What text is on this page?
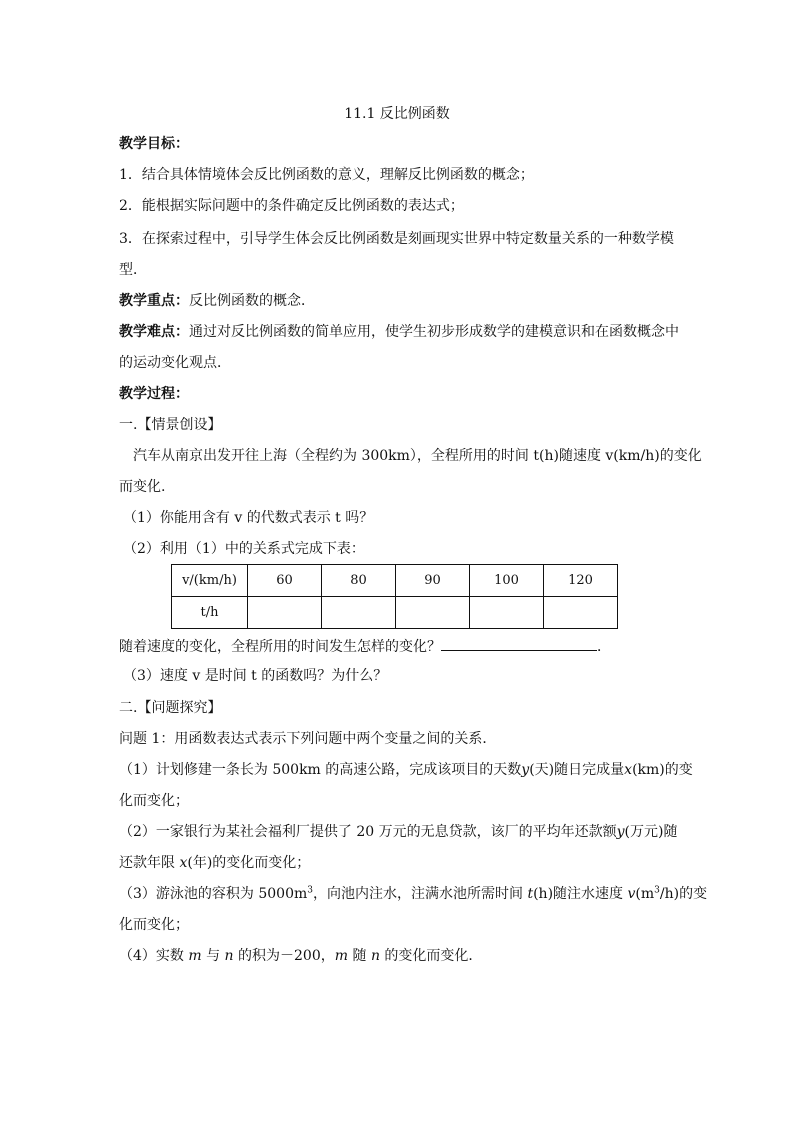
11.1 反比例函数
教学目标：
1．结合具体情境体会反比例函数的意义，理解反比例函数的概念；
2．能根据实际问题中的条件确定反比例函数的表达式；
3．在探索过程中，引导学生体会反比例函数是刻画现实世界中特定数量关系的一种数学模
型．
教学重点：反比例函数的概念．
教学难点：通过对反比例函数的简单应用，使学生初步形成数学的建模意识和在函数概念中
的运动变化观点．
教学过程：
一.【情景创设】
汽车从南京出发开往上海（全程约为 300km），全程所用的时间 t(h)随速度 v(km/h)的变化
而变化.
（1）你能用含有 v 的代数式表示 t 吗？
（2）利用（1）中的关系式完成下表：
v/(km/h)	60	80	90	100	120
t/h					
随着速度的变化，全程所用的时间发生怎样的变化？	．
（3）速度 v 是时间 t 的函数吗？为什么？
二.【问题探究】
问题 1：用函数表达式表示下列问题中两个变量之间的关系．
（1）计划修建一条长为 500km 的高速公路，完成该项目的天数y(天)随日完成量x(km)的变
化而变化；
（2）一家银行为某社会福利厂提供了 20 万元的无息贷款，该厂的平均年还款额y(万元)随
还款年限 x(年)的变化而变化；
（3）游泳池的容积为 $5000m^3$，向池内注水，注满水池所需时间 t(h)随注水速度 $v(m^3/h)$的变
化而变化；
（4）实数 m 与 n 的积为－200，m 随 n 的变化而变化．
